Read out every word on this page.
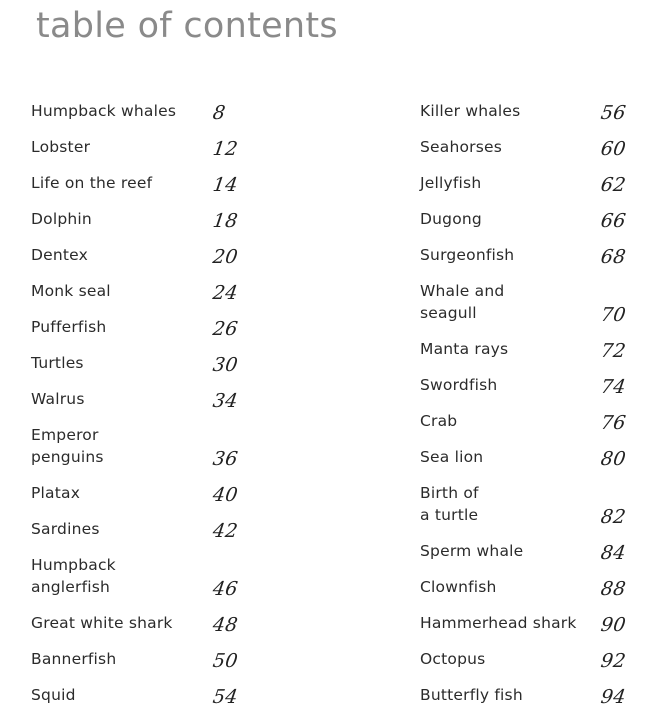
table of contents
Humpback whales	8
Lobster	12
Life on the reef	14
Dolphin	18
Dentex	20
Monk seal	24
Pufferfish	26
Turtles	30
Walrus	34
Emperor
penguins	36
Platax	40
Sardines	42
Humpback
anglerfish	46
Great white shark	48
Bannerfish	50
Squid	54
Killer whales	56
Seahorses	60
Jellyfish	62
Dugong	66
Surgeonfish	68
Whale and
seagull	70
Manta rays	72
Swordfish	74
Crab	76
Sea lion	80
Birth of
a turtle	82
Sperm whale	84
Clownfish	88
Hammerhead shark	90
Octopus	92
Butterfly fish	94
